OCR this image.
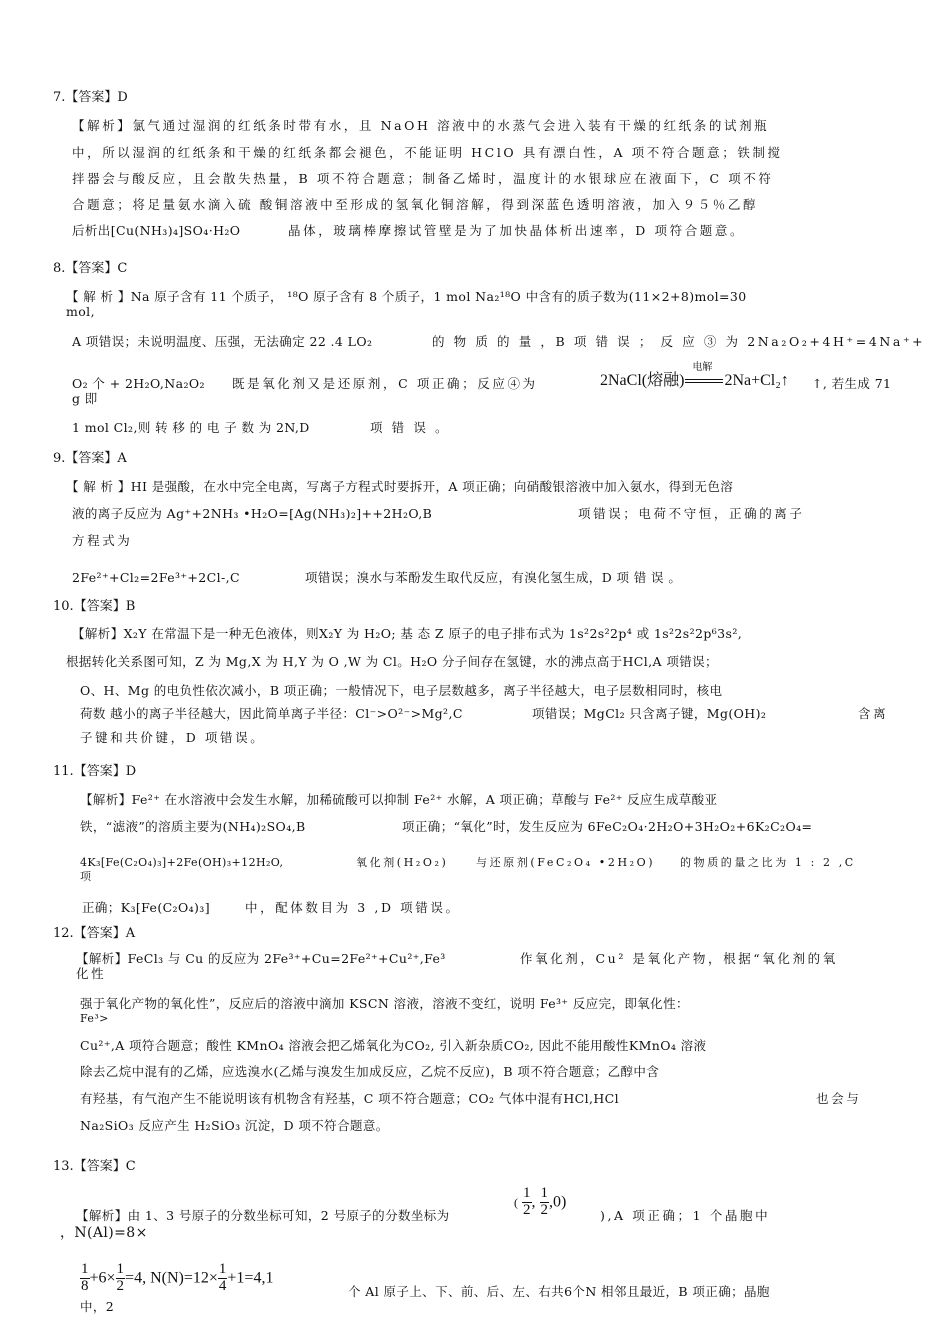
7.【答案】D
【解析】氯气通过湿润的红纸条时带有水，且 NaOH 溶液中的水蒸气会进入装有干燥的红纸条的试剂瓶
中，所以湿润的红纸条和干燥的红纸条都会褪色，不能证明 HClO 具有漂白性，A 项不符合题意；铁制搅
拌器会与酸反应，且会散失热量，B 项不符合题意；制备乙烯时，温度计的水银球应在液面下，C 项不符
合题意；将足量氨水滴入硫 酸铜溶液中至形成的氢氧化铜溶解，得到深蓝色透明溶液，加入９５％乙醇
后析出[Cu(NH₃)₄]SO₄·H₂O	晶体，玻璃棒摩擦试管壁是为了加快晶体析出速率，D 项符合题意。
8.【答案】C
【 解 析 】Na 原子含有 11 个质子， ¹⁸O 原子含有 8 个质子，1 mol Na₂¹⁸O 中含有的质子数为(11×2+8)mol=30
mol,
A 项错误；未说明温度、压强，无法确定 22 .4 LO₂	的 物 质 的 量 ，B 项 错 误 ； 反 应 ③ 为 2Na₂O₂+4H⁺=4Na⁺+
O₂ 个 + 2H₂O,Na₂O₂ 既是氧化剂又是还原剂，C 项正确；反应④为	2NaCl(熔融)
电解
2Na+Cl₂↑ ↑, 若生成 71
g 即
1 mol Cl₂,则 转 移 的 电 子 数 为 2N,D	项 错 误 。
9.【答案】A
【 解 析 】HI 是强酸，在水中完全电离，写离子方程式时要拆开，A 项正确；向硝酸银溶液中加入氨水，得到无色溶
液的离子反应为 Ag⁺+2NH₃ •H₂O=[Ag(NH₃)₂]++2H₂O,B	项错误；电荷不守恒，正确的离子
方程式为
2Fe²⁺+Cl₂=2Fe³⁺+2Cl-,C	项错误；溴水与苯酚发生取代反应，有溴化氢生成，D 项 错 误 。
10.【答案】B
【解析】X₂Y 在常温下是一种无色液体，则X₂Y 为 H₂O; 基 态 Z 原子的电子排布式为 1s²2s²2p⁴ 或 1s²2s²2p⁶3s²,
根据转化关系图可知，Z 为 Mg,X 为 H,Y 为 O ,W 为 Cl。H₂O 分子间存在氢键，水的沸点高于HCl,A 项错误；
O、H、Mg 的电负性依次减小，B 项正确；一般情况下，电子层数越多，离子半径越大，电子层数相同时，核电
荷数 越小的离子半径越大，因此简单离子半径：Cl⁻>O²⁻>Mg²,C	项错误；MgCl₂ 只含离子键，Mg(OH)₂	含离
子键和共价键，D 项错误。
11.【答案】D
【解析】Fe²⁺ 在水溶液中会发生水解，加稀硫酸可以抑制 Fe²⁺ 水解，A 项正确；草酸与 Fe²⁺ 反应生成草酸亚
铁，“滤液”的溶质主要为(NH₄)₂SO₄,B	项正确；“氧化”时，发生反应为 6FeC₂O₄·2H₂O+3H₂O₂+6K₂C₂O₄=
4K₃[Fe(C₂O₄)₃]+2Fe(OH)₃+12H₂O,	氧化剂(H₂O₂)	与还原剂(FeC₂O₄ •2H₂O) 的物质的量之比为 1 : 2 ,C
项
正确；K₃[Fe(C₂O₄)₃]	中，配体数目为 3 ,D 项错误。
12.【答案】A
【解析】FeCl₃ 与 Cu 的反应为 2Fe³⁺+Cu=2Fe²⁺+Cu²⁺,Fe³	作氧化剂，Cu² 是氧化产物，根据“氧化剂的氧
化性
强于氧化产物的氧化性”，反应后的溶液中滴加 KSCN 溶液，溶液不变红，说明 Fe³⁺ 反应完，即氧化性：
Fe³>
Cu²⁺,A 项符合题意；酸性 KMnO₄ 溶液会把乙烯氧化为CO₂, 引入新杂质CO₂, 因此不能用酸性KMnO₄ 溶液
除去乙烷中混有的乙烯，应选溴水(乙烯与溴发生加成反应，乙烷不反应)，B 项不符合题意；乙醇中含
有羟基，有气泡产生不能说明该有机物含有羟基，C 项不符合题意；CO₂ 气体中混有HCl,HCl	也会与
Na₂SiO₃ 反应产生 H₂SiO₃ 沉淀，D 项不符合题意。
13.【答案】C
【解析】由 1、3 号原子的分数坐标可知，2 号原子的分数坐标为
( $\frac{1}{2}$ , $\frac{1}{2} ,0$)
),A 项正确；1 个晶胞中
，N(Al)=8×
$\frac{1}{8} +6\times \frac{1}{2} =4$, $N(N)=12\times \frac{1}{4} +1=4,1$
个 Al 原子上、下、前、后、左、右共6个N 相邻且最近，B 项正确；晶胞
中，2
